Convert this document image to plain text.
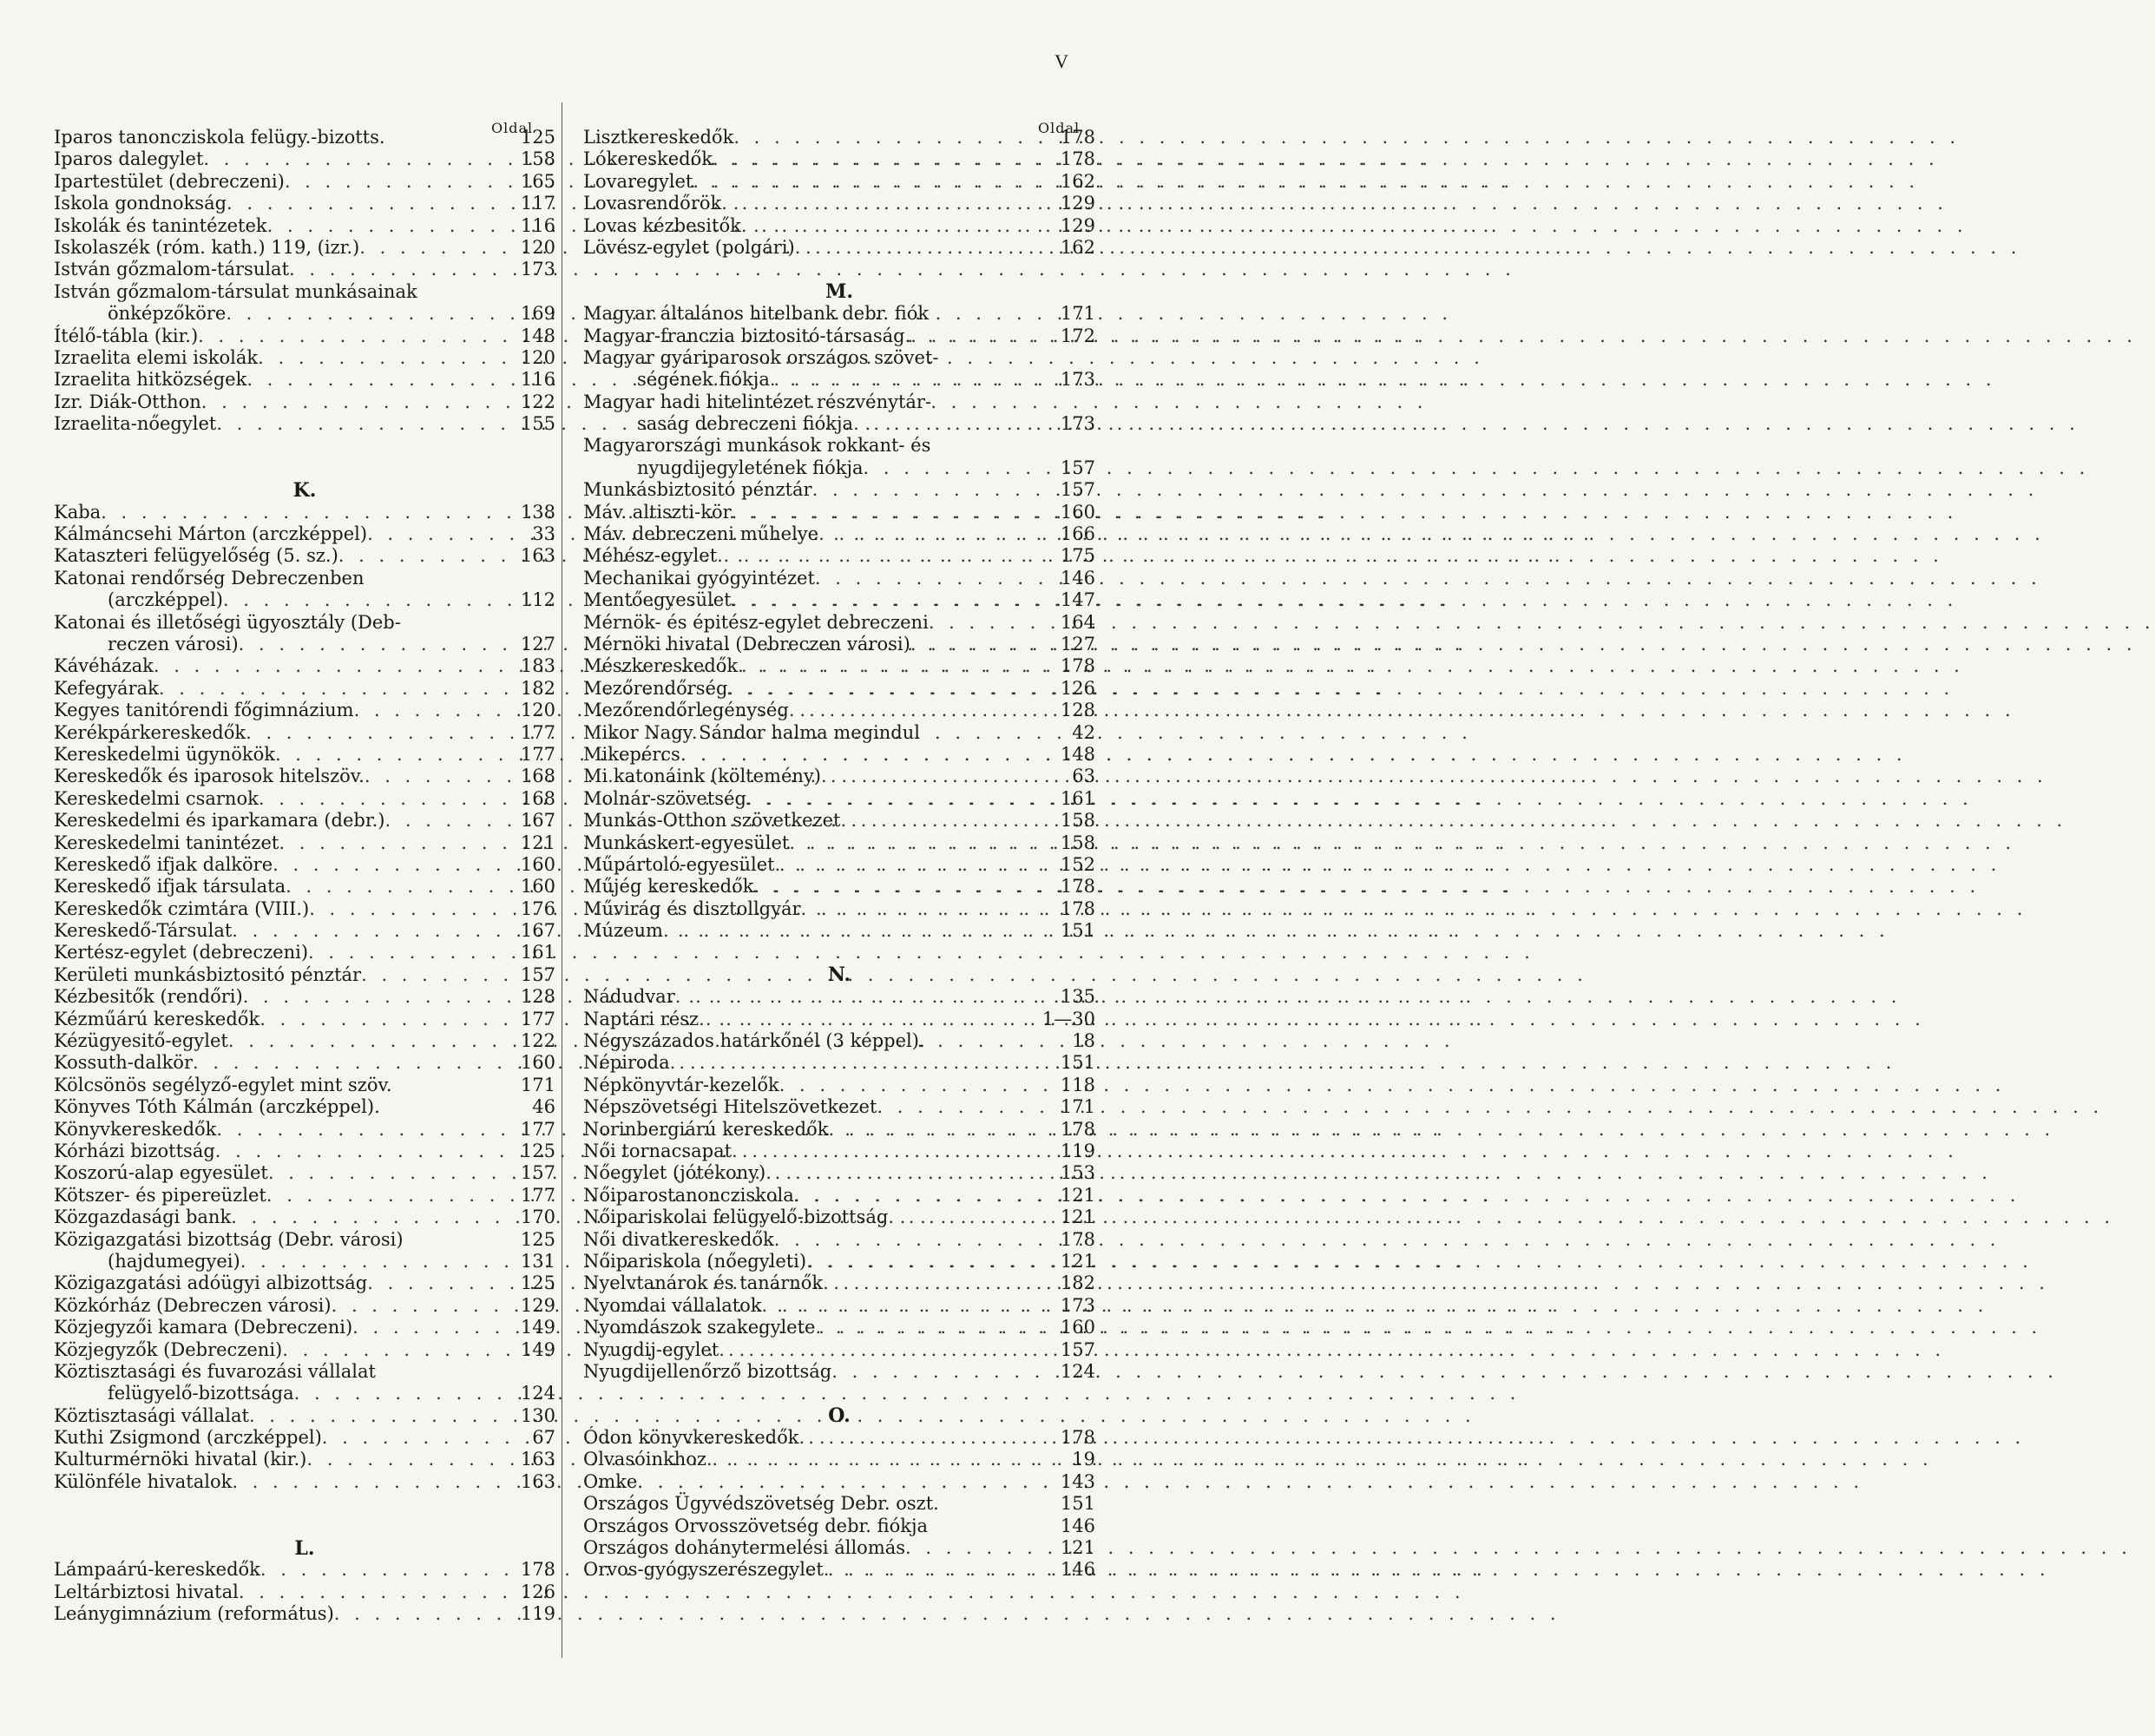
V
Oldal	Oldal
Iparos tanoncziskola felügy.-bizotts.	125
Iparos dalegylet . . .	158
Ipartestület (debreczeni) . . .	165
Iskola gondnokság . . .	117
Iskolák és tanintézetek . . .	116
Iskolaszék (róm. kath.) 119, (izr.) . . .	120
István gőzmalom-társulat . . .	173
István gőzmalom-társulat munkásainak
önképzőköre . . .	169
Ítélő-tábla (kir.) . . .	148
Izraelita elemi iskolák . . .	120
Izraelita hitközségek . . .	116
Izr. Diák-Otthon . . .	122
Izraelita-nőegylet . . .	155
K.
Kaba . . .	138
Kálmáncsehi Márton (arczképpel) . . .	33
Kataszteri felügyelőség (5. sz.) . . .	163
Katonai rendőrség Debreczenben
(arczképpel) . . .	112
Katonai és illetőségi ügyosztály (Deb-
reczen városi) . . .	127
Kávéházak . . .	183
Kefegyárak . . .	182
Kegyes tanitórendi főgimnázium . . .	120
Kerékpárkereskedők . . .	177
Kereskedelmi ügynökök . . .	177
Kereskedők és iparosok hitelszöv. . . .	168
Kereskedelmi csarnok . . .	168
Kereskedelmi és iparkamara (debr.) . . .	167
Kereskedelmi tanintézet . . .	121
Kereskedő ifjak dalköre . . .	160
Kereskedő ifjak társulata . . .	160
Kereskedők czimtára (VIII.) . . .	176
Kereskedő-Társulat . . .	167
Kertész-egylet (debreczeni) . . .	161
Kerületi munkásbiztositó pénztár . . .	157
Kézbesitők (rendőri) . . .	128
Kézműárú kereskedők . . .	177
Kézügyesitő-egylet . . .	122
Kossuth-dalkör . . .	160
Kölcsönös segélyző-egylet mint szöv.	171
Könyves Tóth Kálmán (arczképpel).	46
Könyvkereskedők . . .	177
Kórházi bizottság . . .	125
Koszorú-alap egyesület . . .	157
Kötszer- és pipereüzlet . . .	177
Közgazdasági bank . . .	170
Közigazgatási bizottság (Debr. városi)	125
(hajdumegyei) . . .	131
Közigazgatási adóügyi albizottság . . .	125
Közkórház (Debreczen városi) . . .	129
Közjegyzői kamara (Debreczeni) . . .	149
Közjegyzők (Debreczeni) . . .	149
Köztisztasági és fuvarozási vállalat
felügyelő-bizottsága . . .	124
Köztisztasági vállalat . . .	130
Kuthi Zsigmond (arczképpel) . . .	67
Kulturmérnöki hivatal (kir.) . . .	163
Különféle hivatalok . . .	163
L.
Lámpaárú-kereskedők . . .	178
Leltárbiztosi hivatal . . .	126
Leánygimnázium (református) . . .	119
Lisztkereskedők . . .	178
Lókereskedők . . .	178
Lovaregylet . . .	162
Lovasrendőrök . . .	129
Lovas kézbesitők . . .	129
Lövész-egylet (polgári) . . .	162
M.
Magyar általános hitelbank debr. fiók	171
Magyar-franczia biztositó-társaság. . . .	172
Magyar gyáriparosok országos szövet-
ségének fiókja . . .	173
Magyar hadi hitelintézet részvénytár-
saság debreczeni fiókja . . .	173
Magyarországi munkások rokkant- és
nyugdijegyletének fiókja . . .	157
Munkásbiztositó pénztár . . .	157
Máv. altiszti-kör . . .	160
Máv. debreczeni műhelye . . .	166
Méhész-egylet . . .	175
Mechanikai gyógyintézet . . .	146
Mentőegyesület . . .	147
Mérnök- és épitész-egylet debreczeni . . .	164
Mérnöki hivatal (Debreczen városi) . . .	127
Mészkereskedők . . .	178
Mezőrendőrség . . .	126
Mezőrendőrlegénység . . .	128
Mikor Nagy Sándor halma megindul	42
Mikepércs . . .	148
Mi katonáink (költemény) . . .	63
Molnár-szövetség . . .	161
Munkás-Otthon szövetkezet . . .	158
Munkáskert-egyesület . . .	158
Műpártoló-egyesület . . .	152
Műjég kereskedők . . .	178
Művirág és disztollgyár . . .	178
Múzeum . . .	151
N.
Nádudvar . . .	135
Naptári rész . . .	1—30
Négyszázados határkőnél (3 képpel).	18
Népiroda . . .	151
Népkönyvtár-kezelők . . .	118
Népszövetségi Hitelszövetkezet . . .	171
Norinbergiárú kereskedők . . .	178
Női tornacsapat . . .	119
Nőegylet (jótékony) . . .	153
Nőiparostanoncziskola . . .	121
Nőipariskolai felügyelő-bizottság . . .	121
Női divatkereskedők . . .	178
Nőipariskola (nőegyleti) . . .	121
Nyelvtanárok és tanárnők . . .	182
Nyomdai vállalatok . . .	173
Nyomdászok szakegylete . . .	160
Nyugdij-egylet . . .	157
Nyugdijellenőrző bizottság . . .	124
O.
Ódon könyvkereskedők . . .	178
Olvasóinkhoz . . .	19
Omke . . .	143
Országos Ügyvédszövetség Debr. oszt.	151
Országos Orvosszövetség debr. fiókja	146
Országos dohánytermelési állomás . . .	121
Orvos-gyógyszerészegylet . . .	146
